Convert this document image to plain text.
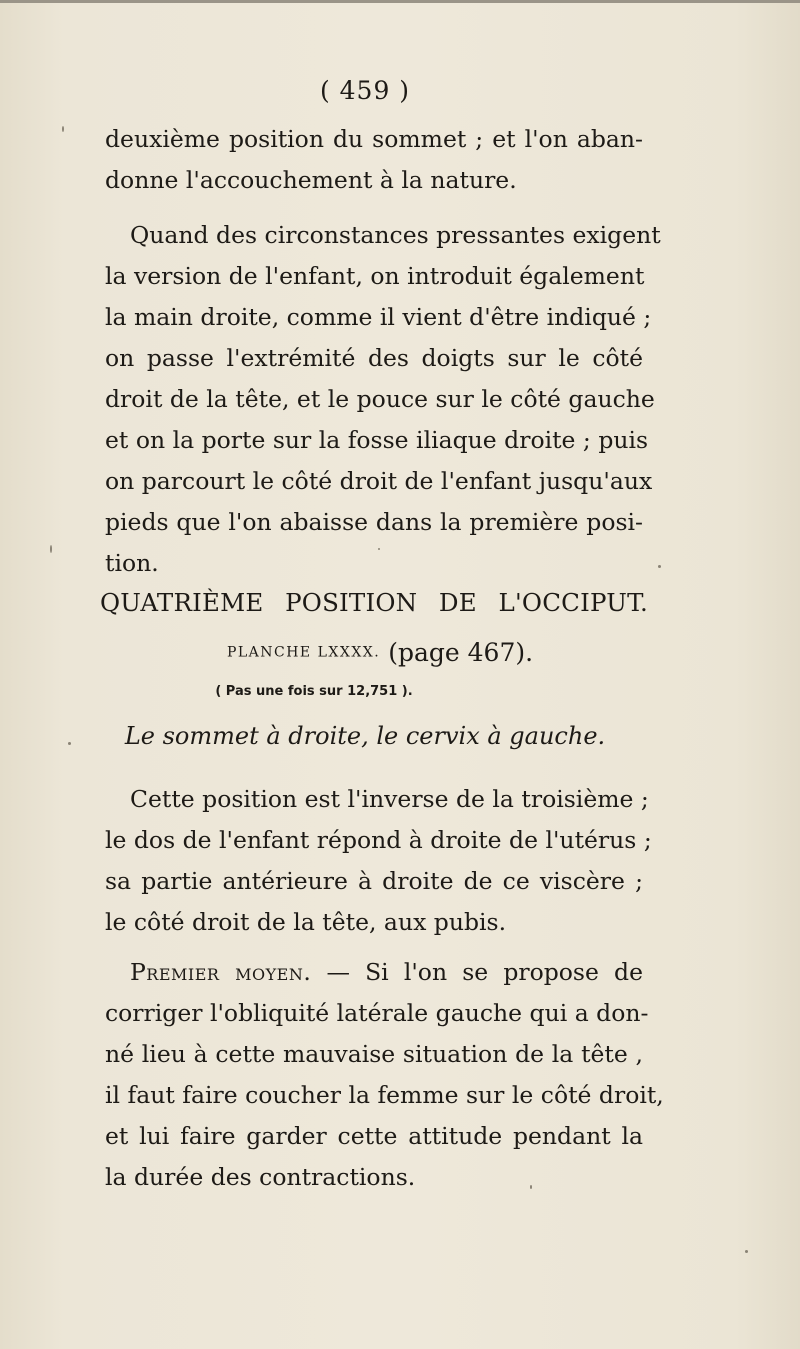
( 459 )
deuxième position du sommet ; et l'on aban-
donne l'accouchement à la nature.
Quand des circonstances pressantes exigent
la version de l'enfant, on introduit également
la main droite, comme il vient d'être indiqué ;
on passe l'extrémité des doigts sur le côté
droit de la tête, et le pouce sur le côté gauche
et on la porte sur la fosse iliaque droite ; puis
on parcourt le côté droit de l'enfant jusqu'aux
pieds que l'on abaisse dans la première posi-
tion.
QUATRIÈME POSITION DE L'OCCIPUT.
PLANCHE LXXXX. (page 467).
( Pas une fois sur 12,751 ).
Le sommet à droite, le cervix à gauche.
Cette position est l'inverse de la troisième ;
le dos de l'enfant répond à droite de l'utérus ;
sa partie antérieure à droite de ce viscère ;
le côté droit de la tête, aux pubis.
Premier moyen. — Si l'on se propose de
corriger l'obliquité latérale gauche qui a don-
né lieu à cette mauvaise situation de la tête ,
il faut faire coucher la femme sur le côté droit,
et lui faire garder cette attitude pendant la
la durée des contractions.
